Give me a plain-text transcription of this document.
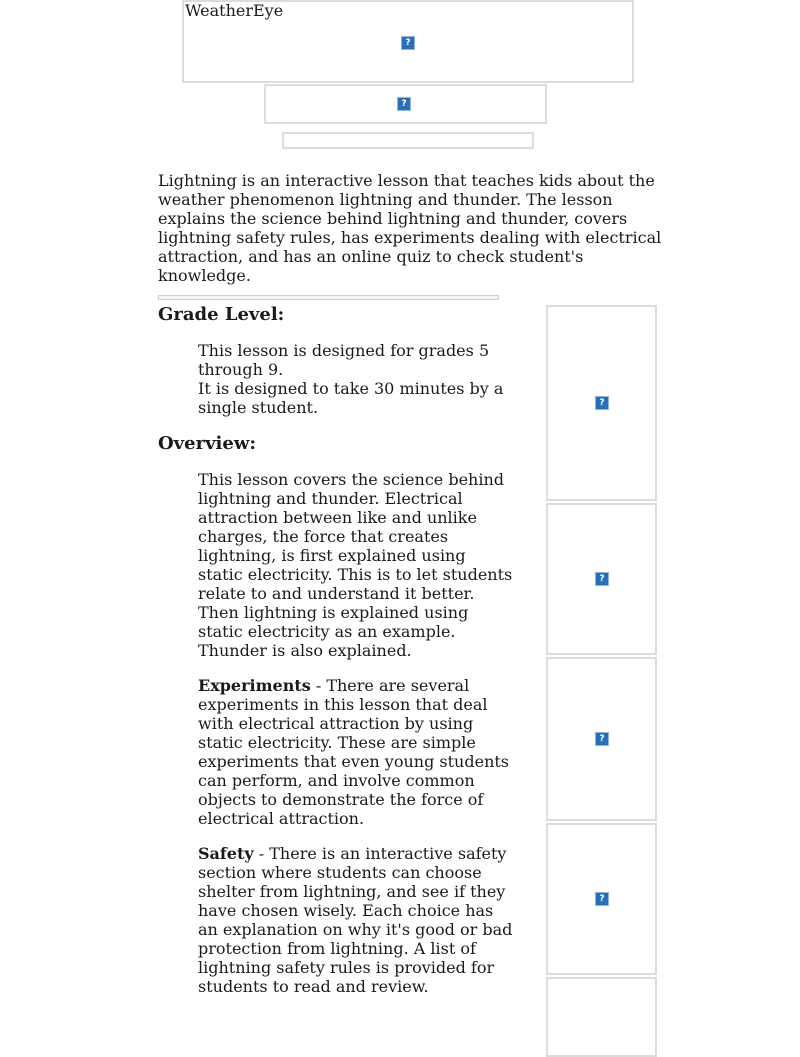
WeatherEye
?
?
Lightning is an interactive lesson that teaches kids about the weather phenomenon lightning and thunder. The lesson explains the science behind lightning and thunder, covers lightning safety rules, has experiments dealing with electrical attraction, and has an online quiz to check student's knowledge.
Grade Level:

This lesson is designed for grades 5 through 9.
It is designed to take 30 minutes by a single student.

Overview:

This lesson covers the science behind lightning and thunder. Electrical attraction between like and unlike charges, the force that creates lightning, is first explained using static electricity. This is to let students relate to and understand it better. Then lightning is explained using static electricity as an example. Thunder is also explained.

Experiments - There are several experiments in this lesson that deal with electrical attraction by using static electricity. These are simple experiments that even young students can perform, and involve common objects to demonstrate the force of electrical attraction.

Safety - There is an interactive safety section where students can choose shelter from lightning, and see if they have chosen wisely. Each choice has an explanation on why it's good or bad protection from lightning. A list of lightning safety rules is provided for students to read and review.

?
?
?
?
